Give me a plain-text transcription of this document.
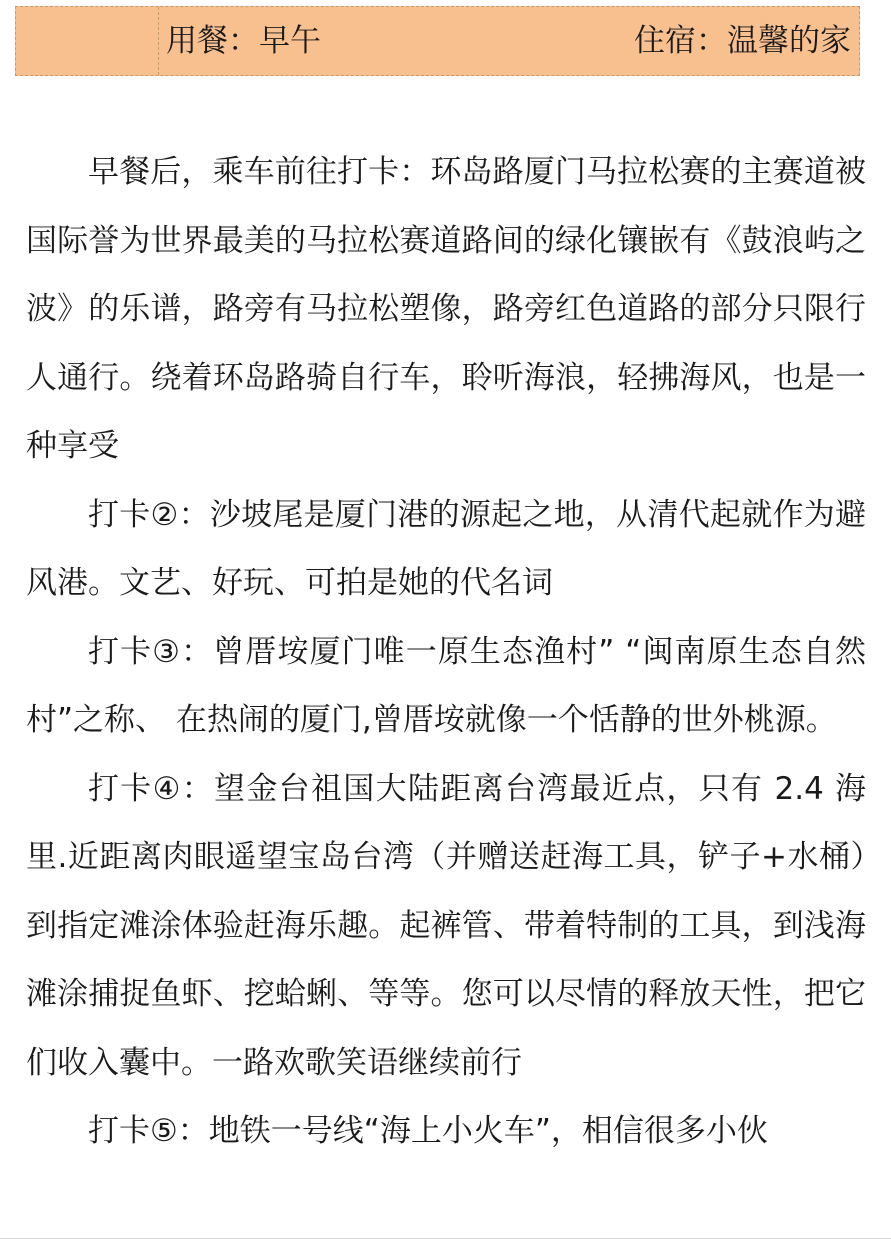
用餐：早午	住宿：温馨的家

早餐后，乘车前往打卡：环岛路厦门马拉松赛的主赛道被国际誉为世界最美的马拉松赛道路间的绿化镶嵌有《鼓浪屿之波》的乐谱，路旁有马拉松塑像，路旁红色道路的部分只限行人通行。绕着环岛路骑自行车，聆听海浪，轻拂海风，也是一种享受

打卡②：沙坡尾是厦门港的源起之地，从清代起就作为避风港。文艺、好玩、可拍是她的代名词

打卡③：曾厝垵厦门唯一原生态渔村” “闽南原生态自然村”之称、 在热闹的厦门,曾厝垵就像一个恬静的世外桃源。

打卡④：望金台祖国大陆距离台湾最近点，只有 2.4 海里.近距离肉眼遥望宝岛台湾（并赠送赶海工具，铲子+水桶）到指定滩涂体验赶海乐趣。起裤管、带着特制的工具，到浅海滩涂捕捉鱼虾、挖蛤蜊、等等。您可以尽情的释放天性，把它们收入囊中。一路欢歌笑语继续前行

打卡⑤：地铁一号线“海上小火车”，相信很多小伙
